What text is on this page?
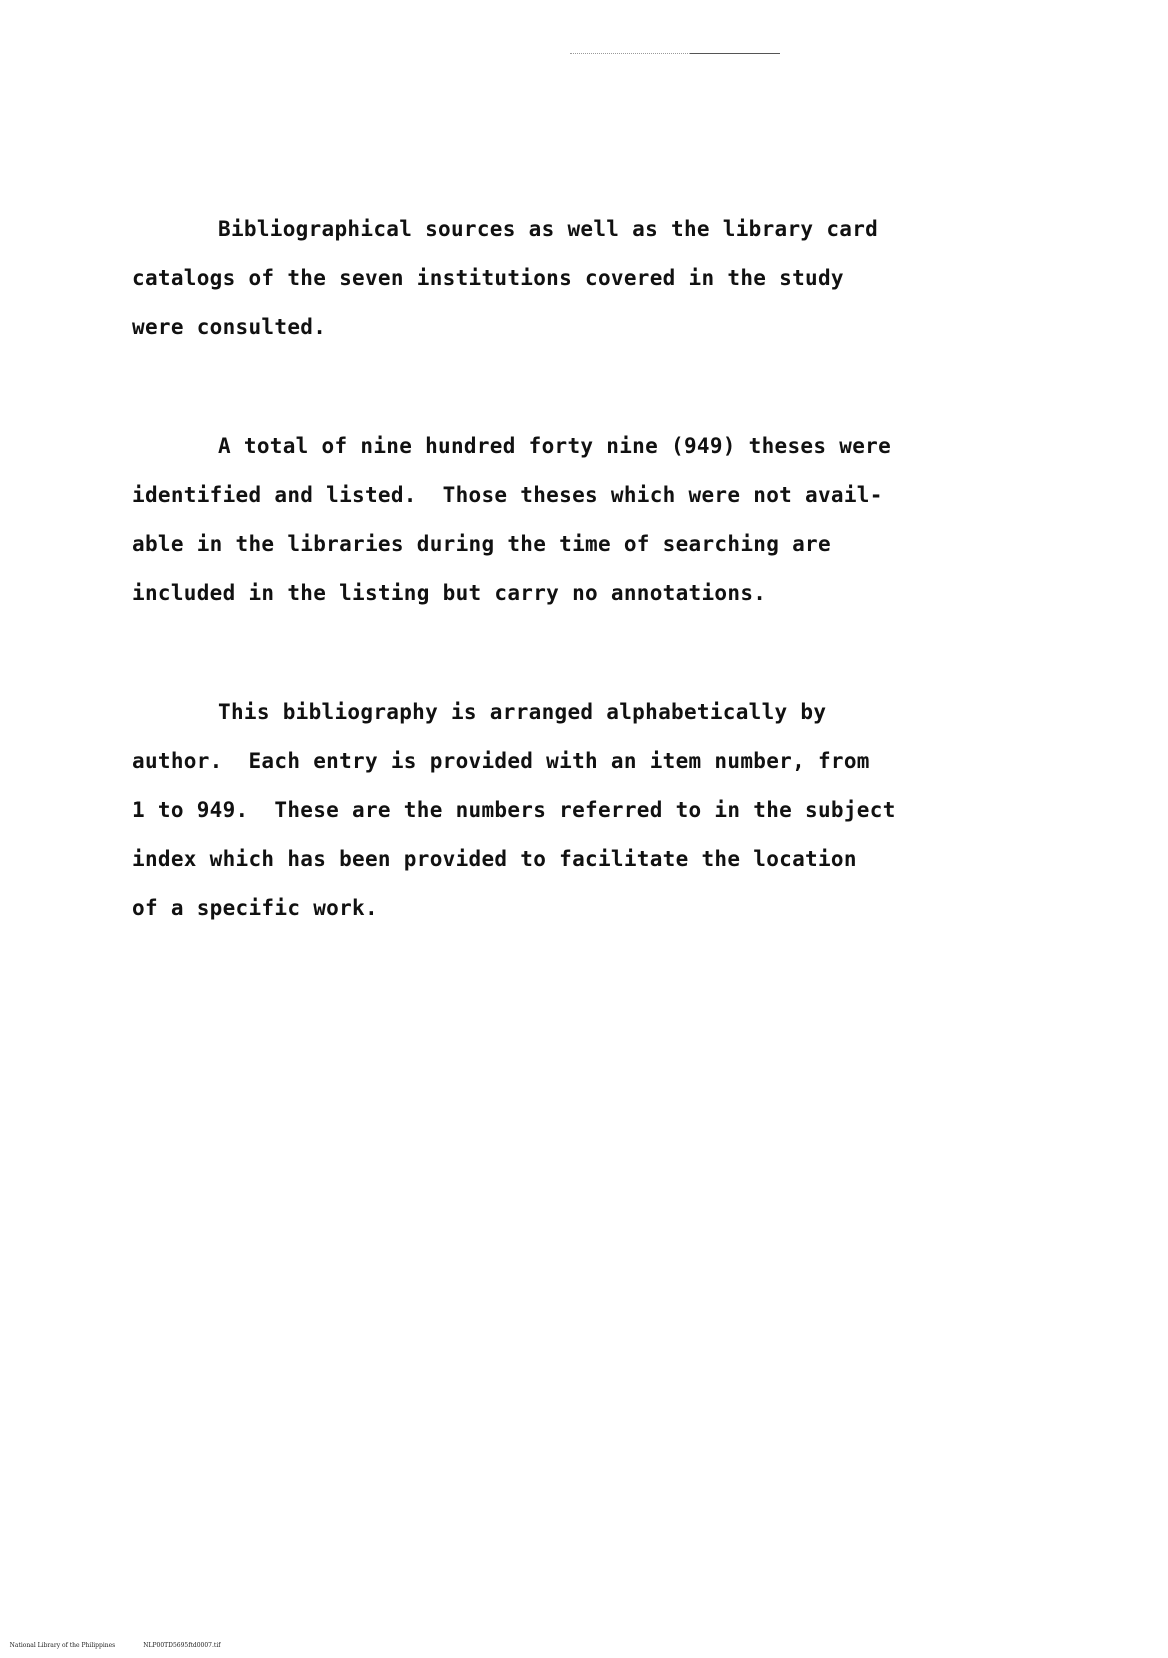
Bibliographical sources as well as the library card
catalogs of the seven institutions covered in the study
were consulted.

A total of nine hundred forty nine (949) theses were
identified and listed.  Those theses which were not avail-
able in the libraries during the time of searching are
included in the listing but carry no annotations.

This bibliography is arranged alphabetically by
author.  Each entry is provided with an item number, from
1 to 949.  These are the numbers referred to in the subject
index which has been provided to facilitate the location
of a specific work.

National Library of the Philippines	NLP00TD5695ftd0007.tif
